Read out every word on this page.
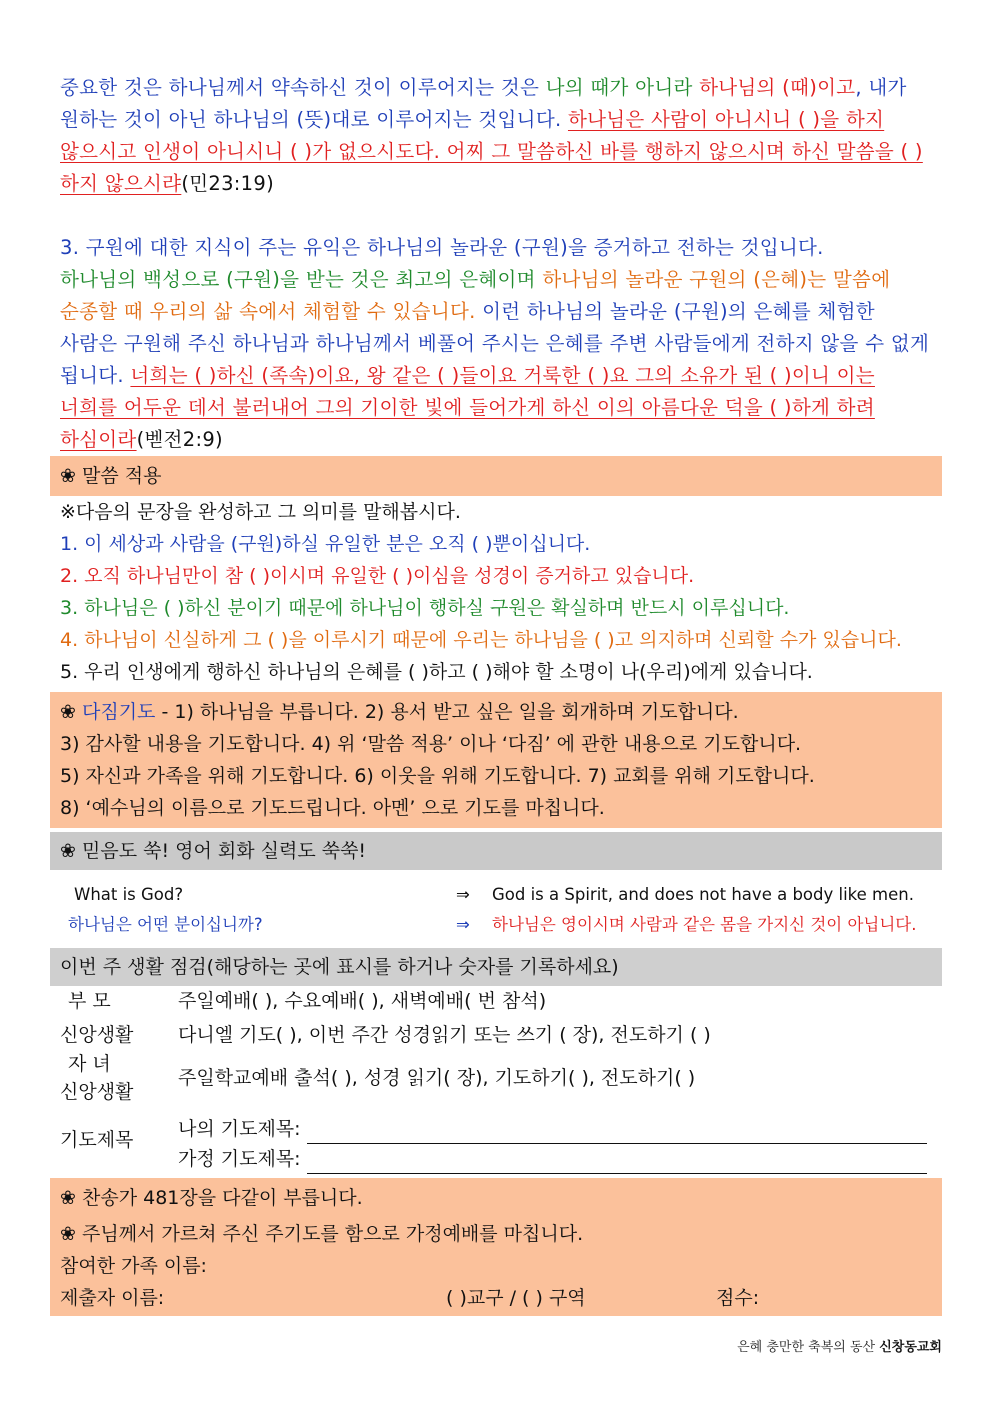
중요한 것은 하나님께서 약속하신 것이 이루어지는 것은 나의 때가 아니라 하나님의 (때)이고, 내가 원하는 것이 아닌 하나님의 (뜻)대로 이루어지는 것입니다. 하나님은 사람이 아니시니 ( )을 하지 않으시고 인생이 아니시니 ( )가 없으시도다. 어찌 그 말씀하신 바를 행하지 않으시며 하신 말씀을 ( )하지 않으시랴(민23:19)
3. 구원에 대한 지식이 주는 유익은 하나님의 놀라운 (구원)을 증거하고 전하는 것입니다.
하나님의 백성으로 (구원)을 받는 것은 최고의 은혜이며 하나님의 놀라운 구원의 (은혜)는 말씀에 순종할 때 우리의 삶 속에서 체험할 수 있습니다. 이런 하나님의 놀라운 (구원)의 은혜를 체험한 사람은 구원해 주신 하나님과 하나님께서 베풀어 주시는 은혜를 주변 사람들에게 전하지 않을 수 없게 됩니다. 너희는 ( )하신 (족속)이요, 왕 같은 ( )들이요 거룩한 ( )요 그의 소유가 된 ( )이니 이는 너희를 어두운 데서 불러내어 그의 기이한 빛에 들어가게 하신 이의 아름다운 덕을 ( )하게 하려 하심이라(벧전2:9)
❀ 말씀 적용
※다음의 문장을 완성하고 그 의미를 말해봅시다.
1. 이 세상과 사람을 (구원)하실 유일한 분은 오직 ( )뿐이십니다.
2. 오직 하나님만이 참 ( )이시며 유일한 ( )이심을 성경이 증거하고 있습니다.
3. 하나님은 ( )하신 분이기 때문에 하나님이 행하실 구원은 확실하며 반드시 이루십니다.
4. 하나님이 신실하게 그 ( )을 이루시기 때문에 우리는 하나님을 ( )고 의지하며 신뢰할 수가 있습니다.
5. 우리 인생에게 행하신 하나님의 은혜를 ( )하고 ( )해야 할 소명이 나(우리)에게 있습니다.
❀ 다짐기도 - 1) 하나님을 부릅니다. 2) 용서 받고 싶은 일을 회개하며 기도합니다.
3) 감사할 내용을 기도합니다. 4) 위 ‘말씀 적용’ 이나 ‘다짐’ 에 관한 내용으로 기도합니다.
5) 자신과 가족을 위해 기도합니다. 6) 이웃을 위해 기도합니다. 7) 교회를 위해 기도합니다.
8) ‘예수님의 이름으로 기도드립니다. 아멘’ 으로 기도를 마칩니다.
❀ 믿음도 쑥! 영어 회화 실력도 쑥쑥!
What is God?	⇒	God is a Spirit, and does not have a body like men.
하나님은 어떤 분이십니까?	⇒	하나님은 영이시며 사람과 같은 몸을 가지신 것이 아닙니다.
이번 주 생활 점검(해당하는 곳에 표시를 하거나 숫자를 기록하세요)
부 모	주일예배( ), 수요예배( ), 새벽예배( 번 참석)
신앙생활	다니엘 기도( ), 이번 주간 성경읽기 또는 쓰기 ( 장), 전도하기 ( )

자 녀
신앙생활	주일학교예배 출석( ), 성경 읽기( 장), 기도하기( ), 전도하기( )
기도제목	나의 기도제목:
	가정 기도제목:
❀ 찬송가 481장을 다같이 부릅니다.
❀ 주님께서 가르쳐 주신 주기도를 함으로 가정예배를 마칩니다.
참여한 가족 이름:
제출자 이름:	( )교구 / ( ) 구역	점수:
은혜 충만한 축복의 동산 신창동교회
